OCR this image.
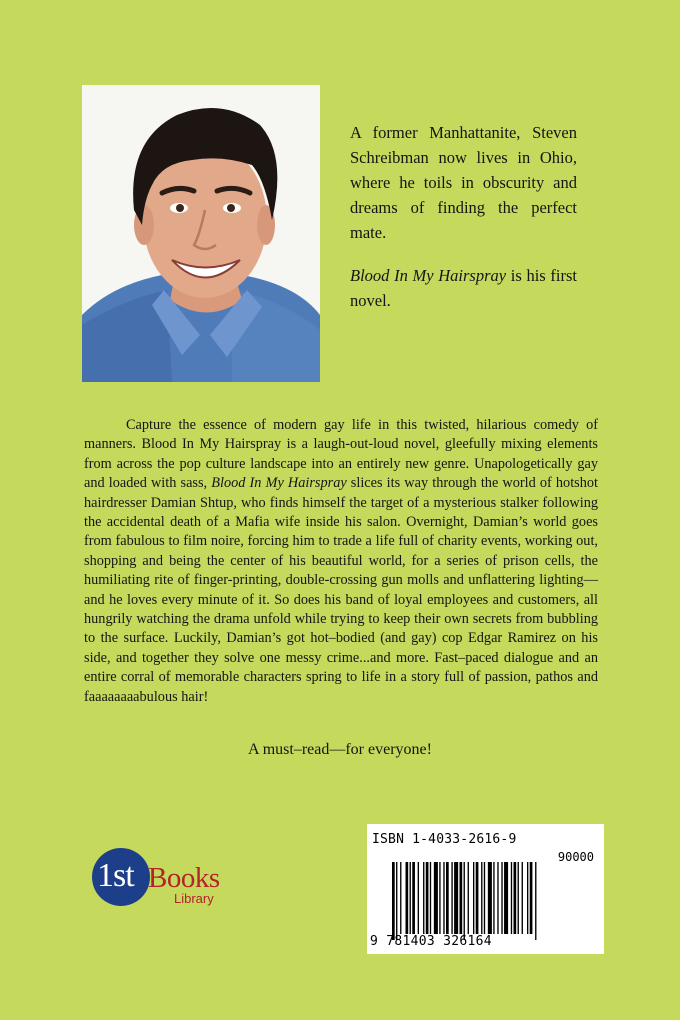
A former Manhattanite, Steven Schreibman now lives in Ohio, where he toils in obscurity and dreams of finding the perfect mate.

Blood In My Hairspray is his first novel.

Capture the essence of modern gay life in this twisted, hilarious comedy of manners. Blood In My Hairspray is a laugh-out-loud novel, gleefully mixing elements from across the pop culture landscape into an entirely new genre. Unapologetically gay and loaded with sass, Blood In My Hairspray slices its way through the world of hotshot hairdresser Damian Shtup, who finds himself the target of a mysterious stalker following the accidental death of a Mafia wife inside his salon. Overnight, Damian’s world goes from fabulous to film noire, forcing him to trade a life full of charity events, working out, shopping and being the center of his beautiful world, for a series of prison cells, the humiliating rite of finger-printing, double-crossing gun molls and unflattering lighting—and he loves every minute of it. So does his band of loyal employees and customers, all hungrily watching the drama unfold while trying to keep their own secrets from bubbling to the surface. Luckily, Damian’s got hot–bodied (and gay) cop Edgar Ramirez on his side, and together they solve one messy crime...and more. Fast–paced dialogue and an entire corral of memorable characters spring to life in a story full of passion, pathos and faaaaaaaabulous hair!

A must–read—for everyone!
1st Books
Library
ISBN 1-4033-2616-9
90000
9 781403 326164
